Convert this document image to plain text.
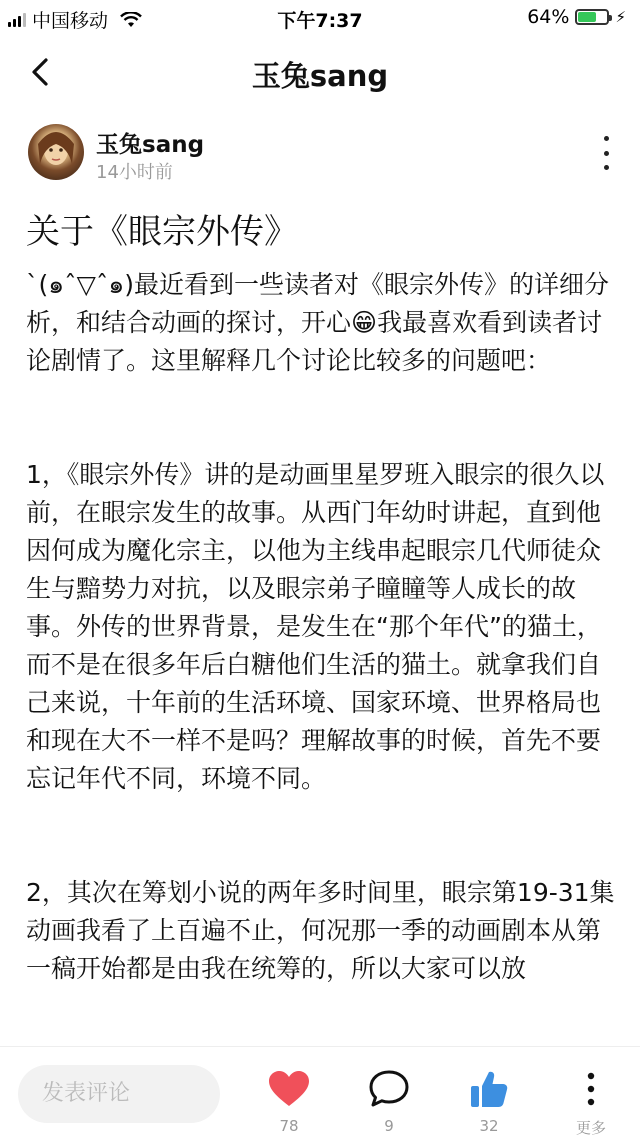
中国移动	下午7:37	64%	⚡
玉兔sang
玉兔sang
14小时前
关于《眼宗外传》

`(๑ˆ▽ˆ๑)最近看到一些读者对《眼宗外传》的详细分析，和结合动画的探讨，开心😁我最喜欢看到读者讨论剧情了。这里解释几个讨论比较多的问题吧：

1，《眼宗外传》讲的是动画里星罗班入眼宗的很久以前，在眼宗发生的故事。从西门年幼时讲起，直到他因何成为魔化宗主，以他为主线串起眼宗几代师徒众生与黯势力对抗，以及眼宗弟子瞳瞳等人成长的故事。外传的世界背景，是发生在“那个年代”的猫土，而不是在很多年后白糖他们生活的猫土。就拿我们自己来说，十年前的生活环境、国家环境、世界格局也和现在大不一样不是吗？理解故事的时候，首先不要忘记年代不同，环境不同。

2，其次在筹划小说的两年多时间里，眼宗第19-31集动画我看了上百遍不止，何况那一季的动画剧本从第一稿开始都是由我在统筹的，所以大家可以放

发表评论
78	9	32	更多
